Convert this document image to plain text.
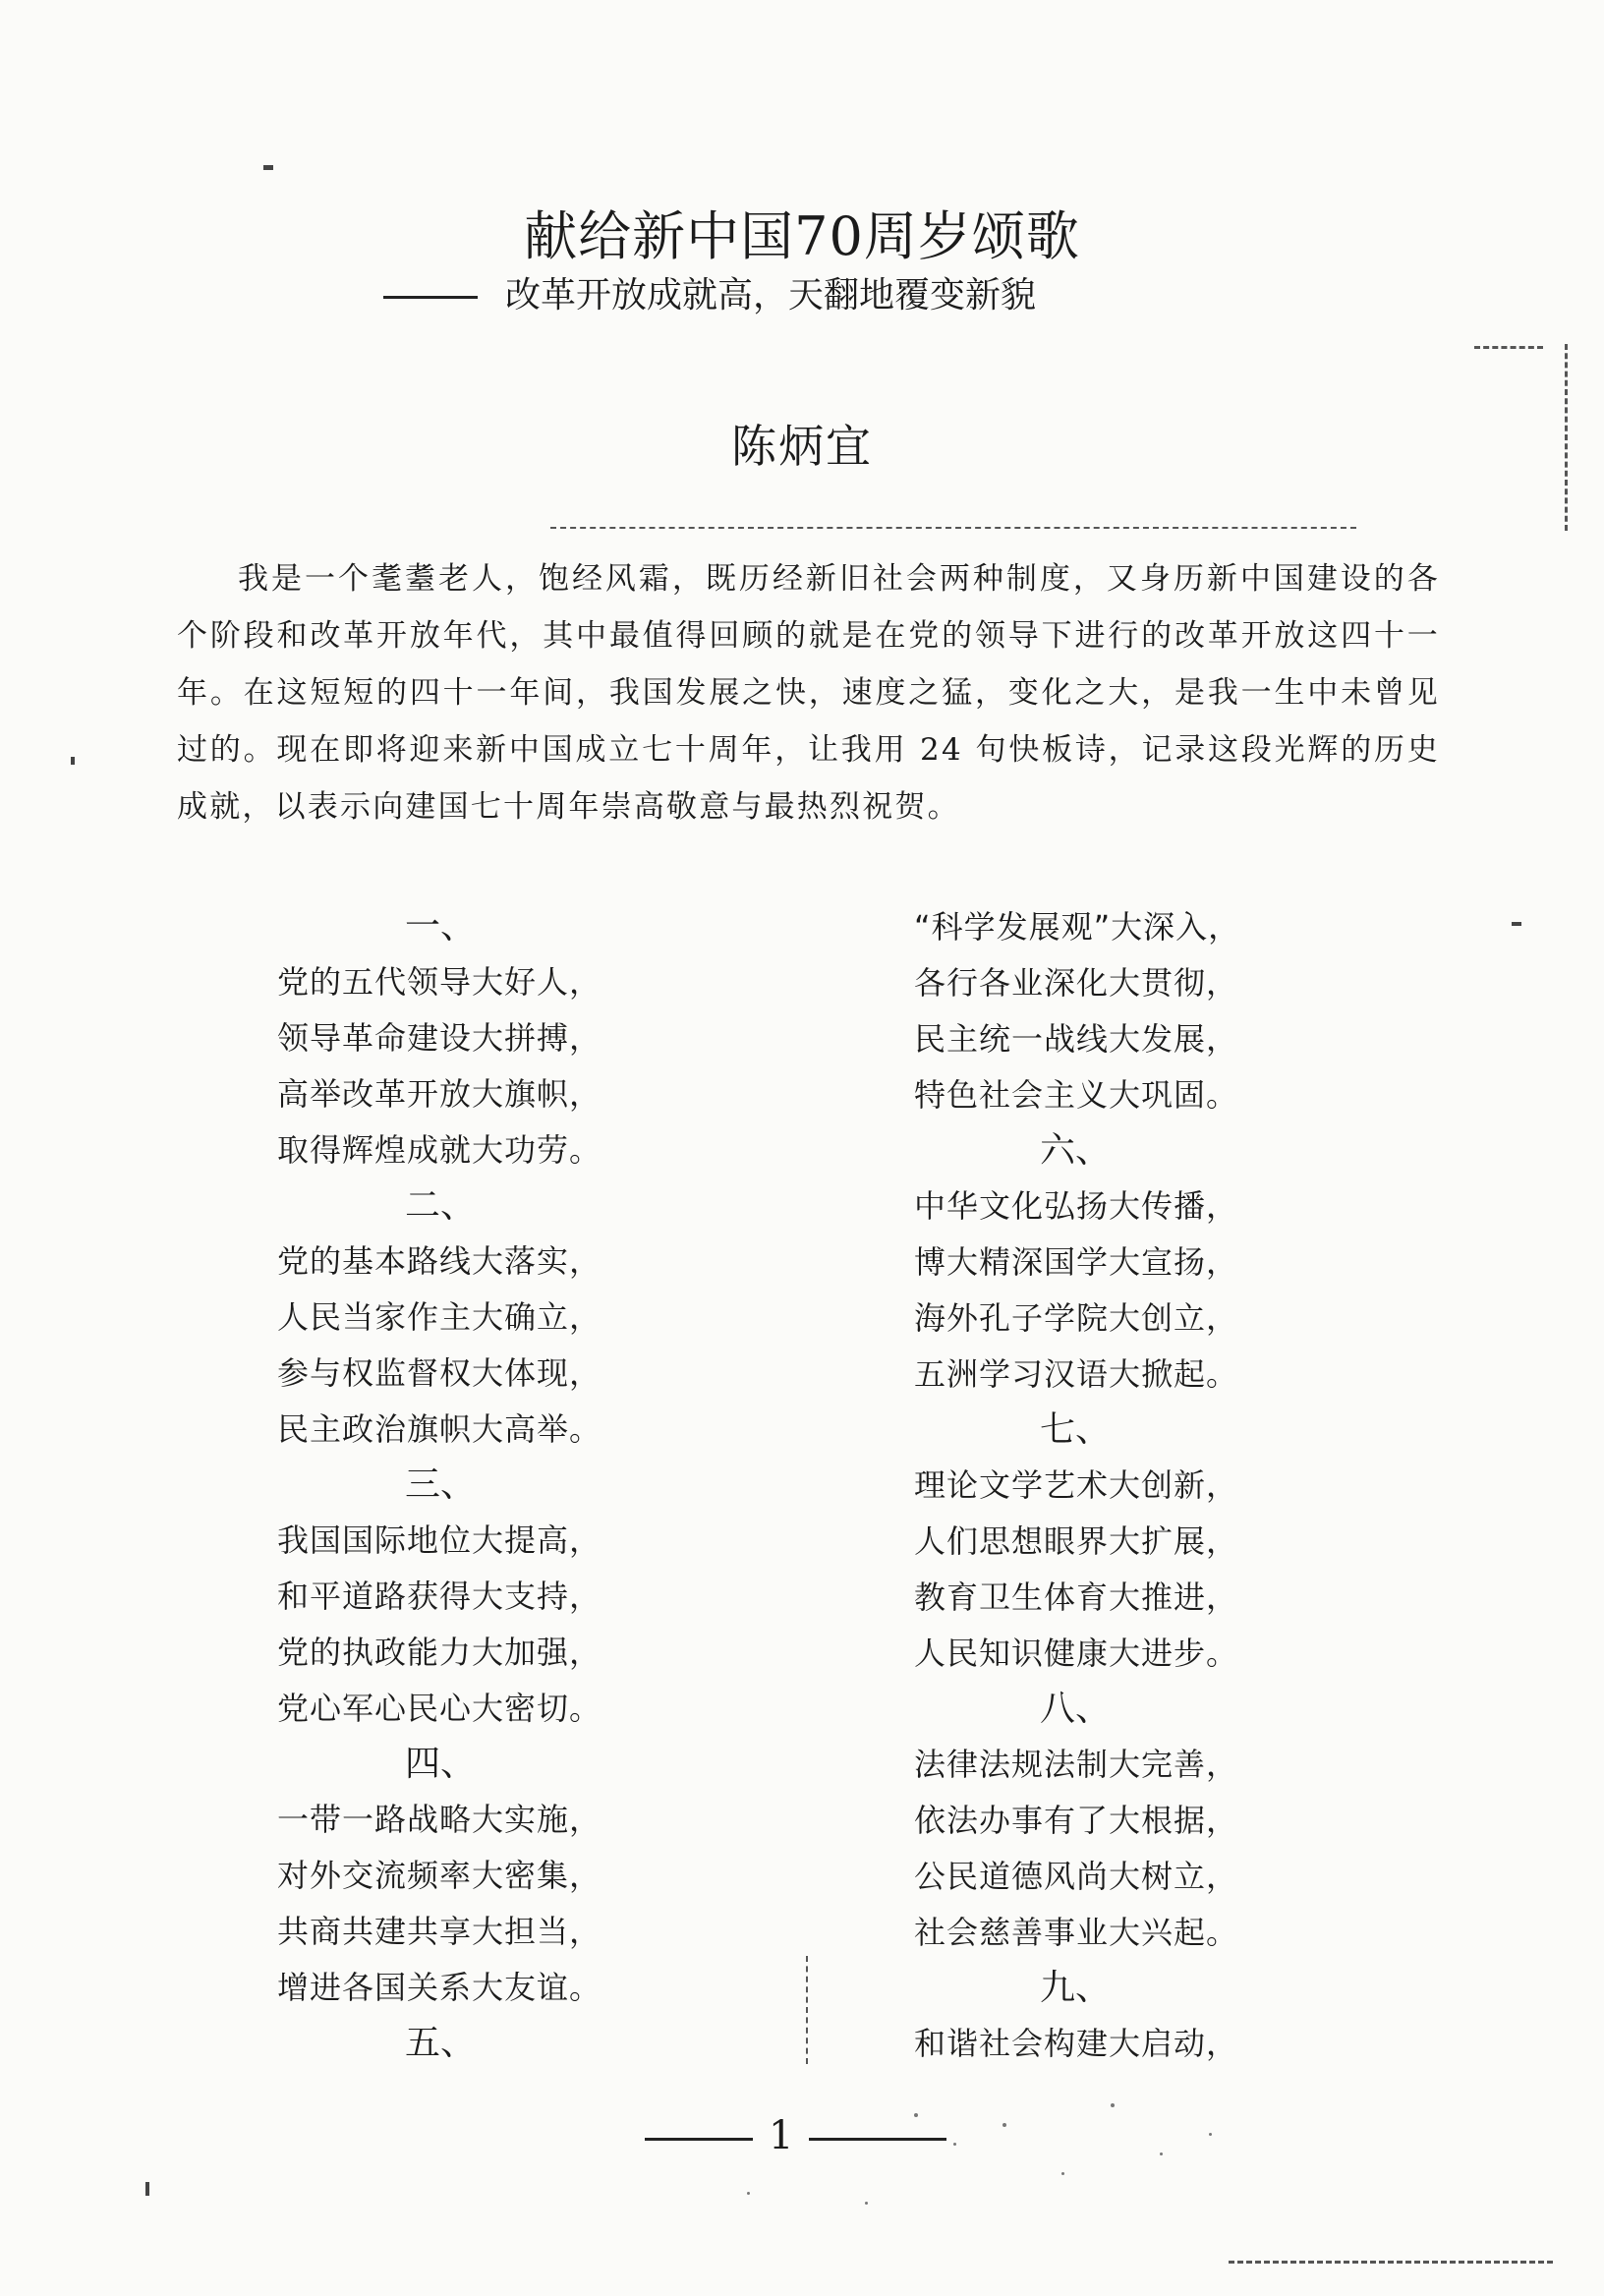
献给新中国70周岁颂歌
改革开放成就高，天翻地覆变新貌
陈炳宜
我是一个耄耋老人，饱经风霜，既历经新旧社会两种制度，又身历新中国建设的各个阶段和改革开放年代，其中最值得回顾的就是在党的领导下进行的改革开放这四十一年。在这短短的四十一年间，我国发展之快，速度之猛，变化之大，是我一生中未曾见过的。现在即将迎来新中国成立七十周年，让我用 24 句快板诗，记录这段光辉的历史成就，以表示向建国七十周年崇高敬意与最热烈祝贺。
一、
党的五代领导大好人，
领导革命建设大拼搏，
高举改革开放大旗帜，
取得辉煌成就大功劳。
二、
党的基本路线大落实，
人民当家作主大确立，
参与权监督权大体现，
民主政治旗帜大高举。
三、
我国国际地位大提高，
和平道路获得大支持，
党的执政能力大加强，
党心军心民心大密切。
四、
一带一路战略大实施，
对外交流频率大密集，
共商共建共享大担当，
增进各国关系大友谊。
五、
“科学发展观”大深入，
各行各业深化大贯彻，
民主统一战线大发展，
特色社会主义大巩固。
六、
中华文化弘扬大传播，
博大精深国学大宣扬，
海外孔子学院大创立，
五洲学习汉语大掀起。
七、
理论文学艺术大创新，
人们思想眼界大扩展，
教育卫生体育大推进，
人民知识健康大进步。
八、
法律法规法制大完善，
依法办事有了大根据，
公民道德风尚大树立，
社会慈善事业大兴起。
九、
和谐社会构建大启动，
1
